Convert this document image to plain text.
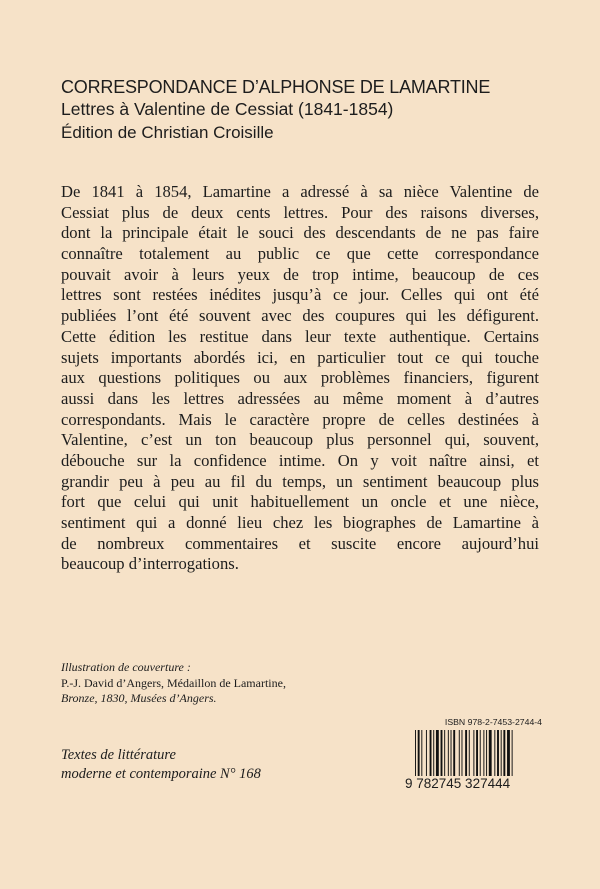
CORRESPONDANCE D’ALPHONSE DE LAMARTINE
Lettres à Valentine de Cessiat (1841-1854)
Édition de Christian Croisille
De 1841 à 1854, Lamartine a adressé à sa nièce Valentine de
Cessiat plus de deux cents lettres. Pour des raisons diverses,
dont la principale était le souci des descendants de ne pas faire
connaître totalement au public ce que cette correspondance
pouvait avoir à leurs yeux de trop intime, beaucoup de ces
lettres sont restées inédites jusqu’à ce jour. Celles qui ont été
publiées l’ont été souvent avec des coupures qui les défigurent.
Cette édition les restitue dans leur texte authentique. Certains
sujets importants abordés ici, en particulier tout ce qui touche
aux questions politiques ou aux problèmes financiers, figurent
aussi dans les lettres adressées au même moment à d’autres
correspondants. Mais le caractère propre de celles destinées à
Valentine, c’est un ton beaucoup plus personnel qui, souvent,
débouche sur la confidence intime. On y voit naître ainsi, et
grandir peu à peu au fil du temps, un sentiment beaucoup plus
fort que celui qui unit habituellement un oncle et une nièce,
sentiment qui a donné lieu chez les biographes de Lamartine à
de nombreux commentaires et suscite encore aujourd’hui
beaucoup d’interrogations.
Illustration de couverture :
P.-J. David d’Angers, Médaillon de Lamartine,
Bronze, 1830, Musées d’Angers.
Textes de littérature
moderne et contemporaine N° 168
ISBN 978-2-7453-2744-4
9 782745 327444
